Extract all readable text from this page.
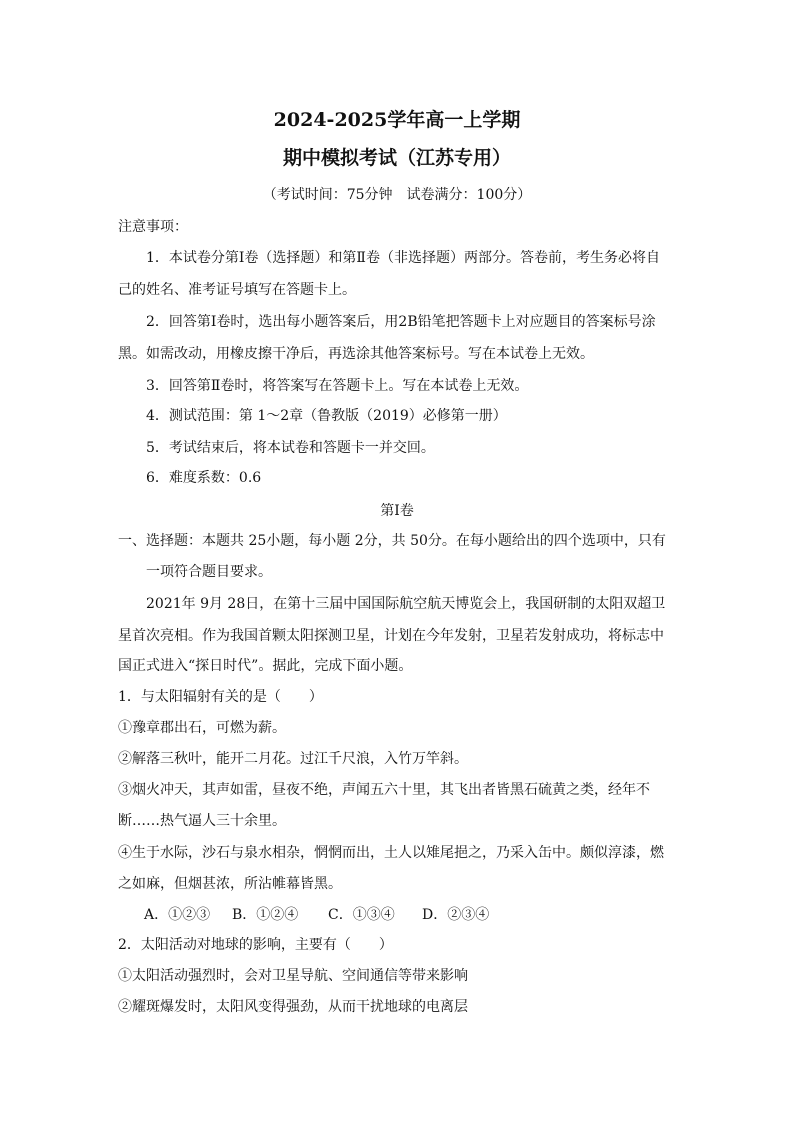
2024-2025学年高一上学期
期中模拟考试（江苏专用）
（考试时间：75分钟　试卷满分：100分）
注意事项：
1．本试卷分第Ⅰ卷（选择题）和第Ⅱ卷（非选择题）两部分。答卷前，考生务必将自
己的姓名、准考证号填写在答题卡上。
2．回答第Ⅰ卷时，选出每小题答案后，用2B铅笔把答题卡上对应题目的答案标号涂
黑。如需改动，用橡皮擦干净后，再选涂其他答案标号。写在本试卷上无效。
3．回答第Ⅱ卷时，将答案写在答题卡上。写在本试卷上无效。
4．测试范围：第 1～2章（鲁教版（2019）必修第一册）
5．考试结束后，将本试卷和答题卡一并交回。
6．难度系数：0.6
第Ⅰ卷
一、选择题：本题共 25小题，每小题 2分，共 50分。在每小题给出的四个选项中，只有
一项符合题目要求。
2021年 9月 28日，在第十三届中国国际航空航天博览会上，我国研制的太阳双超卫
星首次亮相。作为我国首颗太阳探测卫星，计划在今年发射，卫星若发射成功，将标志中
国正式进入“探日时代”。据此，完成下面小题。
1．与太阳辐射有关的是（　　）
①豫章郡出石，可燃为薪。
②解落三秋叶，能开二月花。过江千尺浪，入竹万竿斜。
③烟火冲天，其声如雷，昼夜不绝，声闻五六十里，其飞出者皆黑石硫黄之类，经年不
断……热气逼人三十余里。
④生于水际，沙石与泉水相杂，惘惘而出，土人以雉尾挹之，乃采入缶中。颇似淳漆，燃
之如麻，但烟甚浓，所沾帷幕皆黑。
A．①②③ B．①②④ C．①③④ D．②③④
2．太阳活动对地球的影响，主要有（　　）
①太阳活动强烈时，会对卫星导航、空间通信等带来影响
②耀斑爆发时，太阳风变得强劲，从而干扰地球的电离层
